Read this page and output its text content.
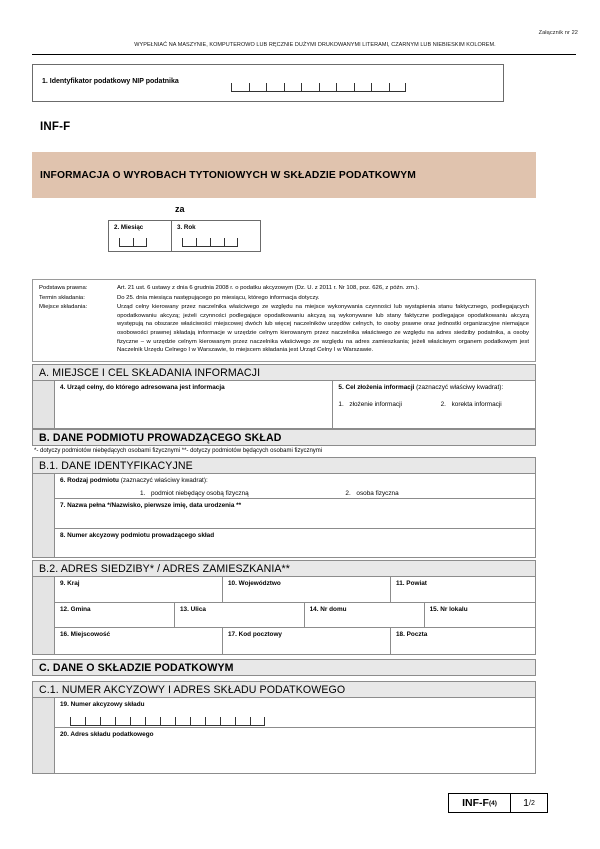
Załącznik nr 22
WYPEŁNIAĆ NA MASZYNIE, KOMPUTEROWO LUB RĘCZNIE DUŻYMI DRUKOWANYMI LITERAMI, CZARNYM LUB NIEBIESKIM KOLOREM.
1. Identyfikator podatkowy NIP podatnika
INF-F
INFORMACJA O WYROBACH TYTONIOWYCH W SKŁADZIE PODATKOWYM
za
2. Miesiąc	3. Rok
Podstawa prawna:	Art. 21 ust. 6 ustawy z dnia 6 grudnia 2008 r. o podatku akcyzowym (Dz. U. z 2011 r. Nr 108, poz. 626, z późn. zm.).
Termin składania:	Do 25. dnia miesiąca następującego po miesiącu, którego informacja dotyczy.
Miejsce składania:	Urząd celny kierowany przez naczelnika właściwego ze względu na miejsce wykonywania czynności lub wystąpienia stanu faktycznego, podlegających opodatkowaniu akcyzą; jeżeli czynności podlegające opodatkowaniu akcyzą są wykonywane lub stany faktyczne podlegające opodatkowaniu akcyzą występują na obszarze właściwości miejscowej dwóch lub więcej naczelników urzędów celnych, to osoby prawne oraz jednostki organizacyjne niemające osobowości prawnej składają informacje w urzędzie celnym kierowanym przez naczelnika właściwego ze względu na adres siedziby podatnika, a osoby fizyczne – w urzędzie celnym kierowanym przez naczelnika właściwego ze względu na adres zamieszkania; jeżeli właściwym organem podatkowym jest Naczelnik Urzędu Celnego I w Warszawie, to miejscem składania jest Urząd Celny I w Warszawie.
A. MIEJSCE I CEL SKŁADANIA INFORMACJI
4. Urząd celny, do którego adresowana jest informacja	5. Cel złożenia informacji (zaznaczyć właściwy kwadrat):
1. złożenie informacji	2. korekta informacji
B. DANE PODMIOTU PROWADZĄCEGO SKŁAD
*- dotyczy podmiotów niebędących osobami fizycznymi **- dotyczy podmiotów będących osobami fizycznymi
B.1. DANE IDENTYFIKACYJNE
6. Rodzaj podmiotu (zaznaczyć właściwy kwadrat):
1. podmiot niebędący osobą fizyczną	2. osoba fizyczna
7. Nazwa pełna */Nazwisko, pierwsze imię, data urodzenia **
8. Numer akcyzowy podmiotu prowadzącego skład
B.2. ADRES SIEDZIBY* / ADRES ZAMIESZKANIA**
9. Kraj	10. Województwo	11. Powiat
12. Gmina	13. Ulica	14. Nr domu	15. Nr lokalu
16. Miejscowość	17. Kod pocztowy	18. Poczta
C. DANE O SKŁADZIE PODATKOWYM
C.1. NUMER AKCYZOWY I ADRES SKŁADU PODATKOWEGO
19. Numer akcyzowy składu
20. Adres składu podatkowego
INF-F (4)	1 /2
